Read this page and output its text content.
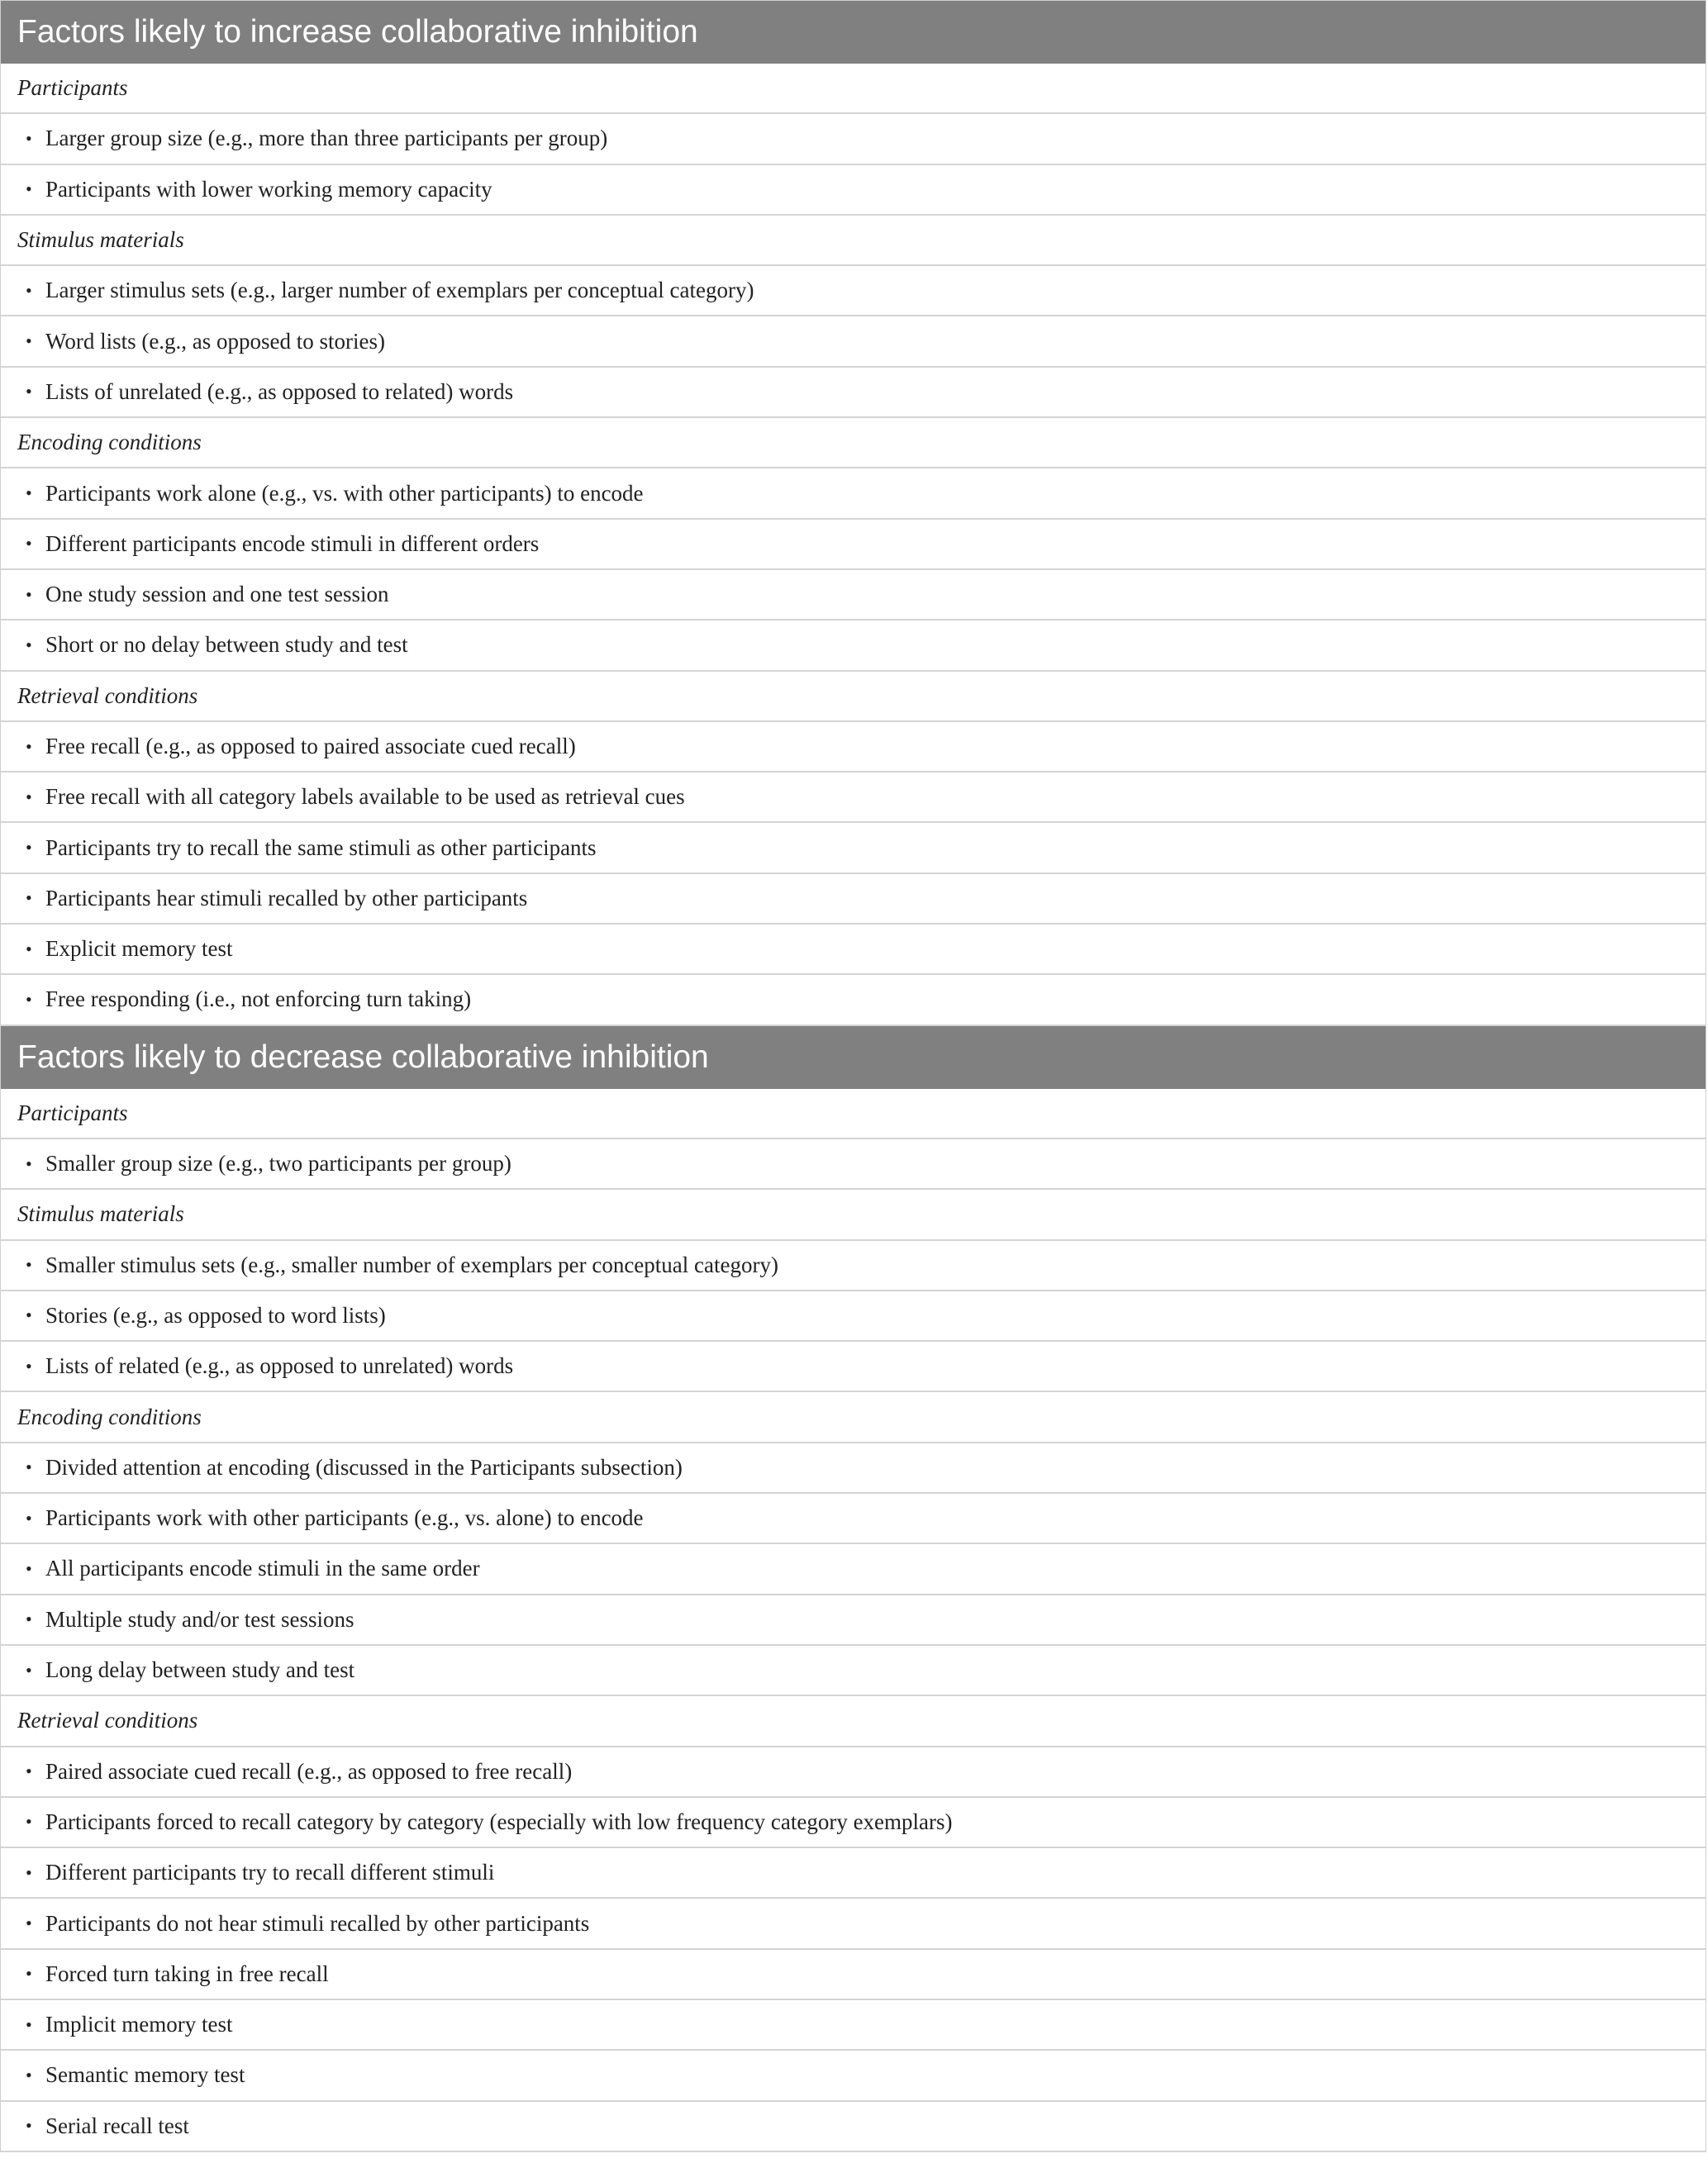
Factors likely to increase collaborative inhibition
Participants
• Larger group size (e.g., more than three participants per group)
• Participants with lower working memory capacity
Stimulus materials
• Larger stimulus sets (e.g., larger number of exemplars per conceptual category)
• Word lists (e.g., as opposed to stories)
• Lists of unrelated (e.g., as opposed to related) words
Encoding conditions
• Participants work alone (e.g., vs. with other participants) to encode
• Different participants encode stimuli in different orders
• One study session and one test session
• Short or no delay between study and test
Retrieval conditions
• Free recall (e.g., as opposed to paired associate cued recall)
• Free recall with all category labels available to be used as retrieval cues
• Participants try to recall the same stimuli as other participants
• Participants hear stimuli recalled by other participants
• Explicit memory test
• Free responding (i.e., not enforcing turn taking)
Factors likely to decrease collaborative inhibition
Participants
• Smaller group size (e.g., two participants per group)
Stimulus materials
• Smaller stimulus sets (e.g., smaller number of exemplars per conceptual category)
• Stories (e.g., as opposed to word lists)
• Lists of related (e.g., as opposed to unrelated) words
Encoding conditions
• Divided attention at encoding (discussed in the Participants subsection)
• Participants work with other participants (e.g., vs. alone) to encode
• All participants encode stimuli in the same order
• Multiple study and/or test sessions
• Long delay between study and test
Retrieval conditions
• Paired associate cued recall (e.g., as opposed to free recall)
• Participants forced to recall category by category (especially with low frequency category exemplars)
• Different participants try to recall different stimuli
• Participants do not hear stimuli recalled by other participants
• Forced turn taking in free recall
• Implicit memory test
• Semantic memory test
• Serial recall test
